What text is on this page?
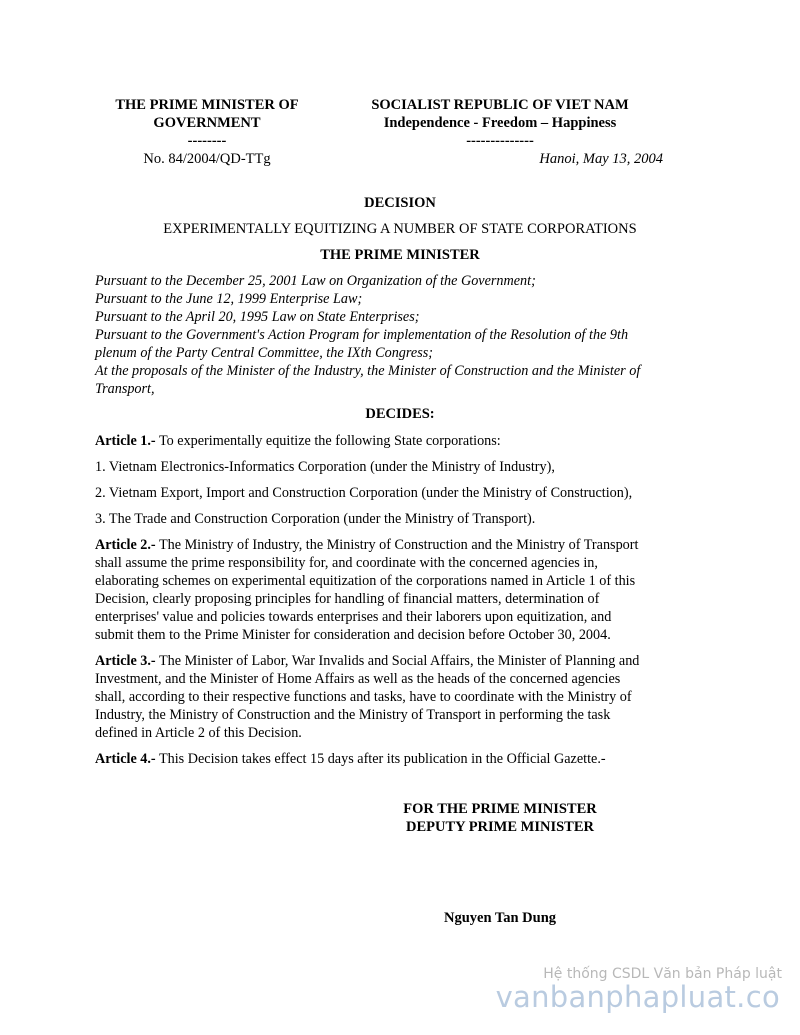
THE PRIME MINISTER OF
GOVERNMENT
--------
No. 84/2004/QD-TTg
SOCIALIST REPUBLIC OF VIET NAM
Independence - Freedom – Happiness
--------------
Hanoi, May 13, 2004
DECISION
EXPERIMENTALLY EQUITIZING A NUMBER OF STATE CORPORATIONS
THE PRIME MINISTER
Pursuant to the December 25, 2001 Law on Organization of the Government;
Pursuant to the June 12, 1999 Enterprise Law;
Pursuant to the April 20, 1995 Law on State Enterprises;
Pursuant to the Government's Action Program for implementation of the Resolution of the 9th
plenum of the Party Central Committee, the IXth Congress;
At the proposals of the Minister of the Industry, the Minister of Construction and the Minister of
Transport,
DECIDES:
Article 1.- To experimentally equitize the following State corporations:
1. Vietnam Electronics-Informatics Corporation (under the Ministry of Industry),
2. Vietnam Export, Import and Construction Corporation (under the Ministry of Construction),
3. The Trade and Construction Corporation (under the Ministry of Transport).
Article 2.- The Ministry of Industry, the Ministry of Construction and the Ministry of Transport
shall assume the prime responsibility for, and coordinate with the concerned agencies in,
elaborating schemes on experimental equitization of the corporations named in Article 1 of this
Decision, clearly proposing principles for handling of financial matters, determination of
enterprises' value and policies towards enterprises and their laborers upon equitization, and
submit them to the Prime Minister for consideration and decision before October 30, 2004.
Article 3.- The Minister of Labor, War Invalids and Social Affairs, the Minister of Planning and
Investment, and the Minister of Home Affairs as well as the heads of the concerned agencies
shall, according to their respective functions and tasks, have to coordinate with the Ministry of
Industry, the Ministry of Construction and the Ministry of Transport in performing the task
defined in Article 2 of this Decision.
Article 4.- This Decision takes effect 15 days after its publication in the Official Gazette.-
FOR THE PRIME MINISTER
DEPUTY PRIME MINISTER
Nguyen Tan Dung
Hệ thống CSDL Văn bản Pháp luật
vanbanphapluat.co
